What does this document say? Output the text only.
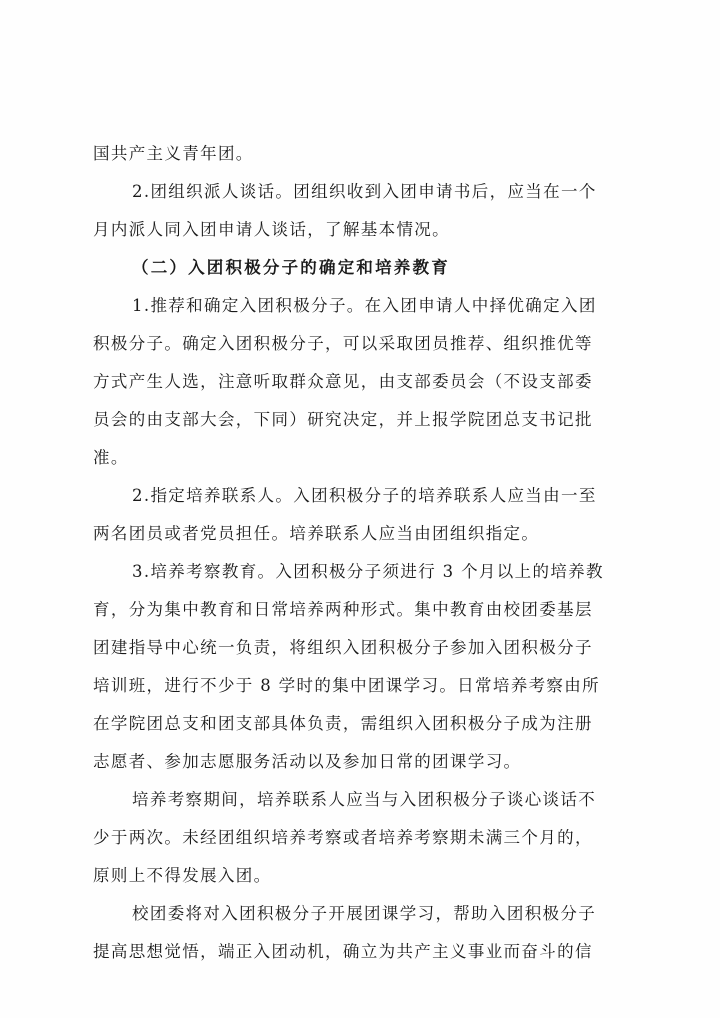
国共产主义青年团。
2.团组织派人谈话。团组织收到入团申请书后，应当在一个
月内派人同入团申请人谈话，了解基本情况。
（二）入团积极分子的确定和培养教育
1.推荐和确定入团积极分子。在入团申请人中择优确定入团
积极分子。确定入团积极分子，可以采取团员推荐、组织推优等
方式产生人选，注意听取群众意见，由支部委员会（不设支部委
员会的由支部大会，下同）研究决定，并上报学院团总支书记批
准。
2.指定培养联系人。入团积极分子的培养联系人应当由一至
两名团员或者党员担任。培养联系人应当由团组织指定。
3.培养考察教育。入团积极分子须进行 3 个月以上的培养教
育，分为集中教育和日常培养两种形式。集中教育由校团委基层
团建指导中心统一负责，将组织入团积极分子参加入团积极分子
培训班，进行不少于 8 学时的集中团课学习。日常培养考察由所
在学院团总支和团支部具体负责，需组织入团积极分子成为注册
志愿者、参加志愿服务活动以及参加日常的团课学习。
培养考察期间，培养联系人应当与入团积极分子谈心谈话不
少于两次。未经团组织培养考察或者培养考察期未满三个月的，
原则上不得发展入团。
校团委将对入团积极分子开展团课学习，帮助入团积极分子
提高思想觉悟，端正入团动机，确立为共产主义事业而奋斗的信
